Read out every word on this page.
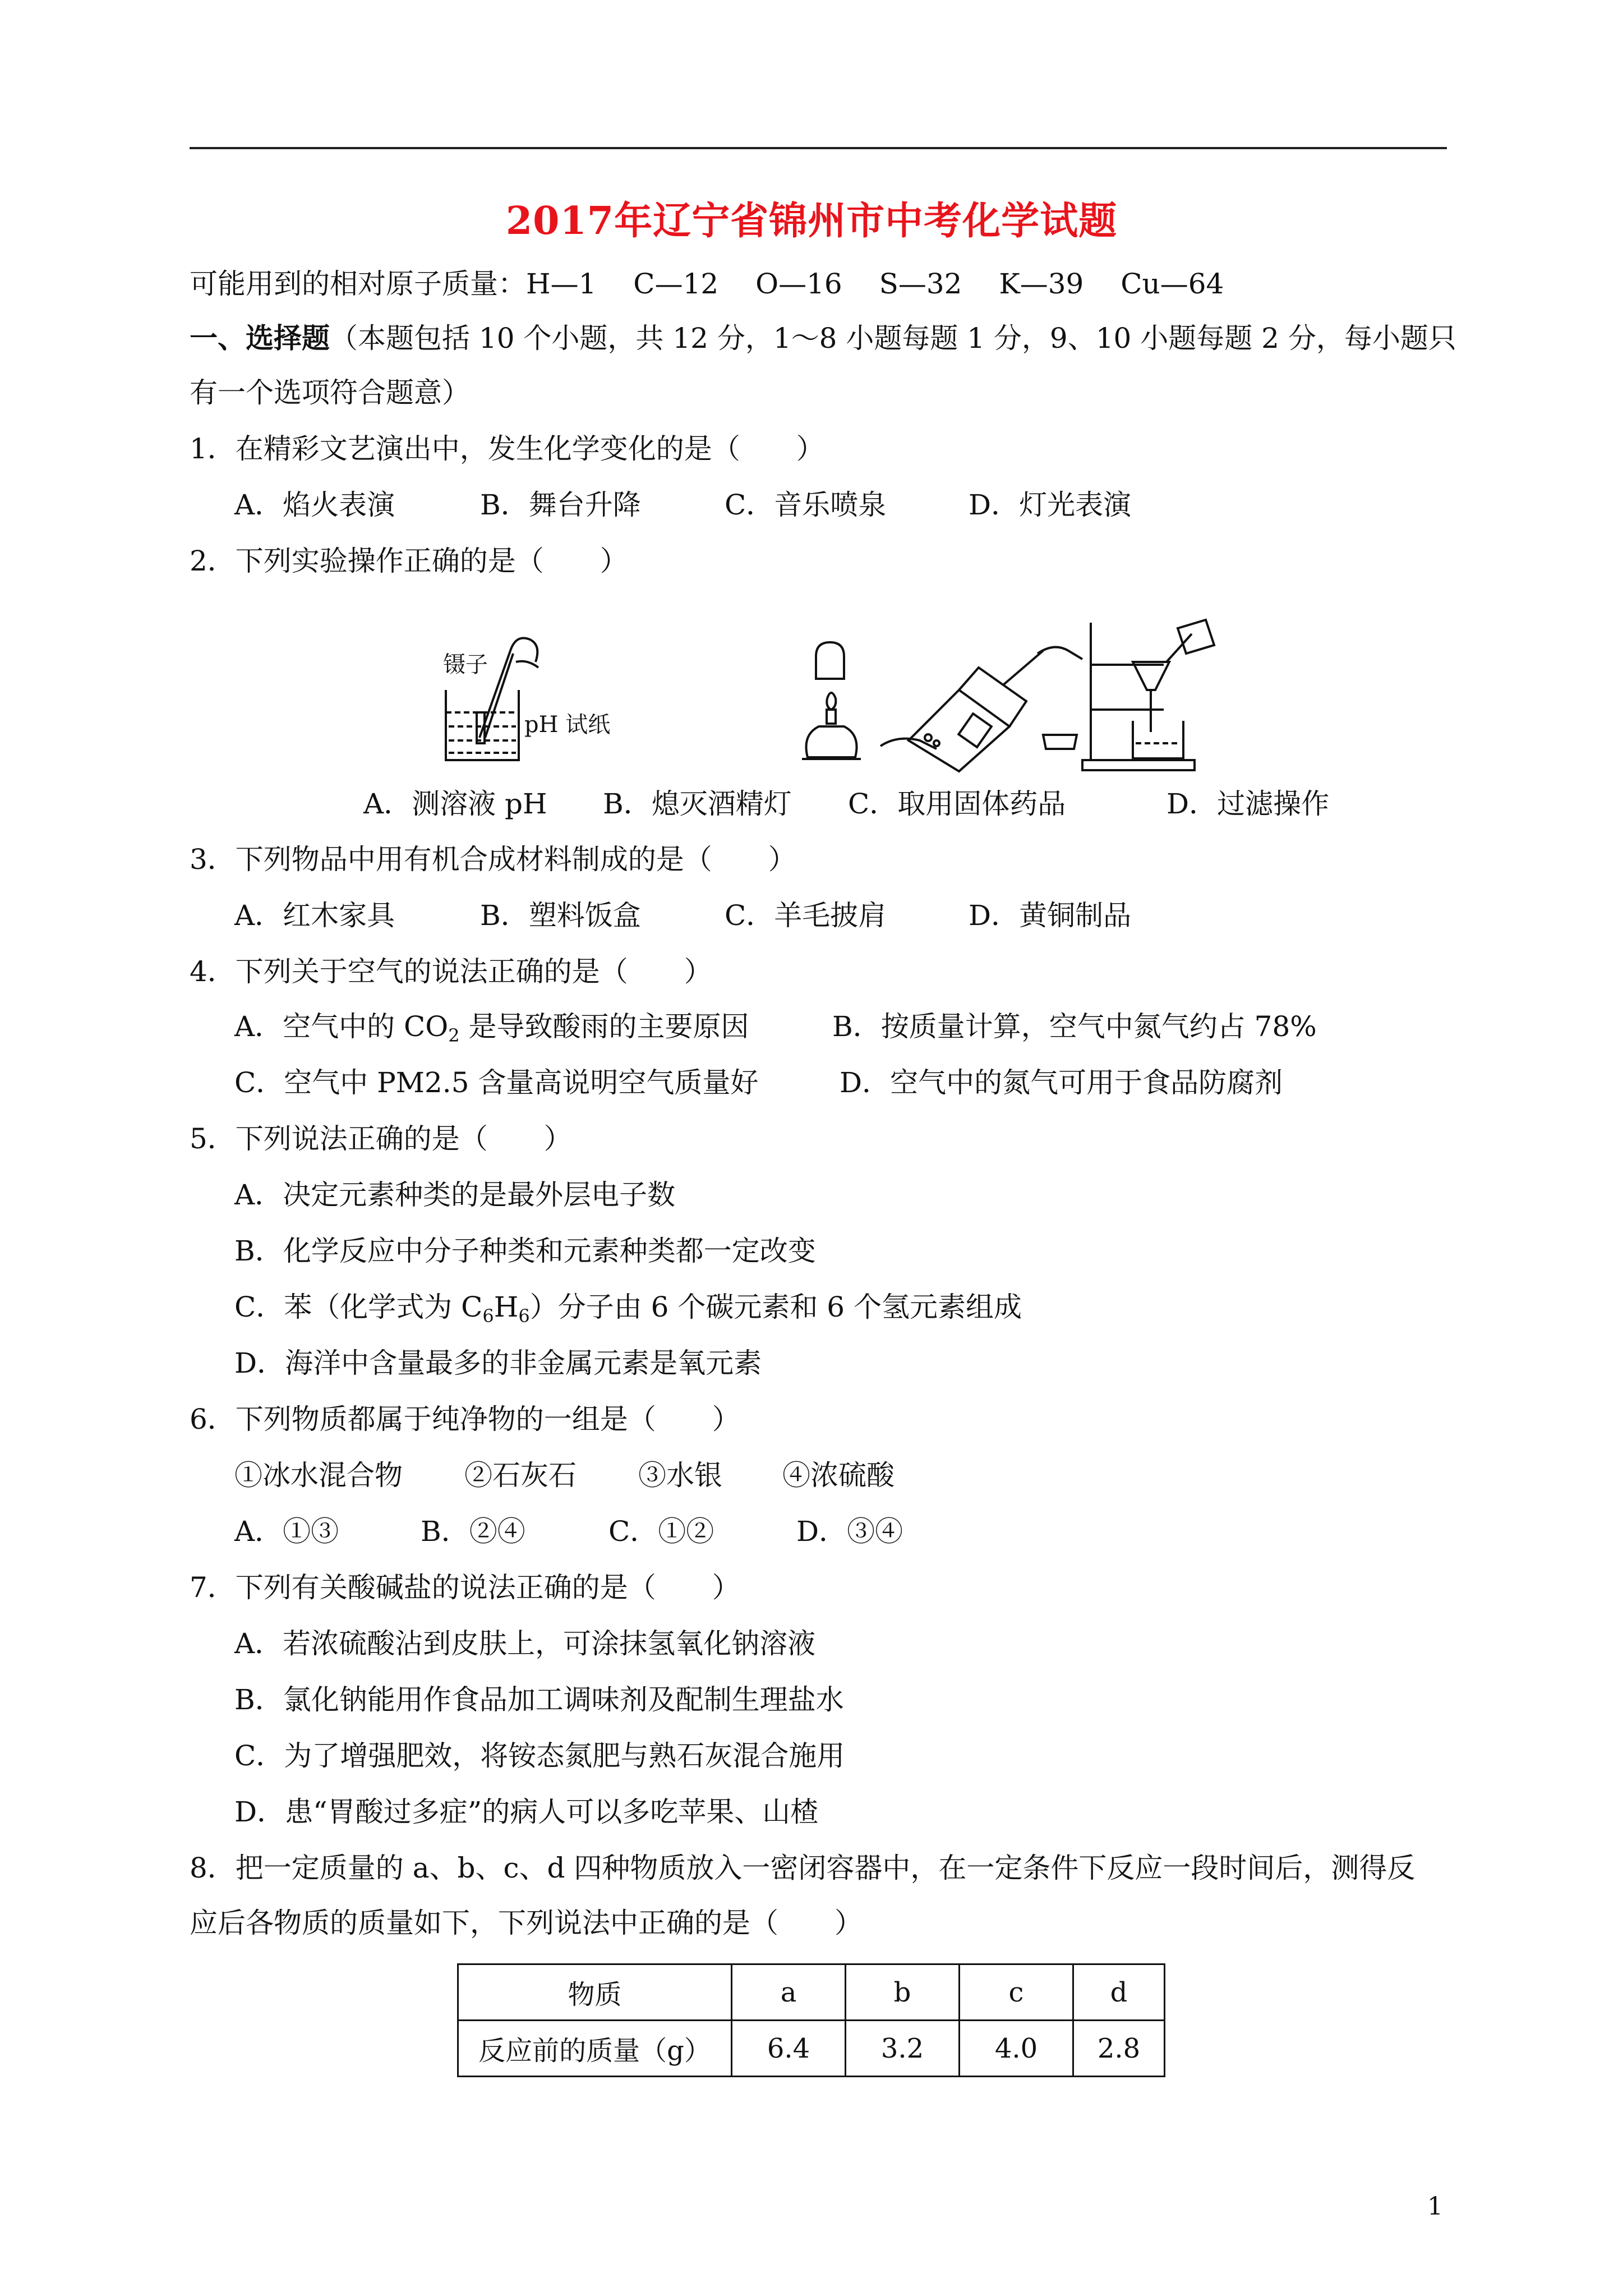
2017年辽宁省锦州市中考化学试题
可能用到的相对原子质量：H—1　 C—12　 O—16　 S—32　 K—39　 Cu—64
一、选择题（本题包括 10 个小题，共 12 分，1～8 小题每题 1 分，9、10 小题每题 2 分，每小题只
有一个选项符合题意）
1．在精彩文艺演出中，发生化学变化的是（　　）
A．焰火表演	B．舞台升降	C．音乐喷泉	D．灯光表演
2．下列实验操作正确的是（　　）
镊子
pH 试纸
A．测溶液 pH B．熄灭酒精灯 C．取用固体药品	D．过滤操作
3．下列物品中用有机合成材料制成的是（　　）
A．红木家具	B．塑料饭盒	C．羊毛披肩	D．黄铜制品
4．下列关于空气的说法正确的是（　　）
A．空气中的 $CO_2$ 是导致酸雨的主要原因	B．按质量计算，空气中氮气约占 78%
C．空气中 PM2.5 含量高说明空气质量好	D．空气中的氮气可用于食品防腐剂
5．下列说法正确的是（　　）
A．决定元素种类的是最外层电子数
B．化学反应中分子种类和元素种类都一定改变
C．苯（化学式为 $C_6H_6$）分子由 6 个碳元素和 6 个氢元素组成
D．海洋中含量最多的非金属元素是氧元素
6．下列物质都属于纯净物的一组是（　　）
①冰水混合物 ②石灰石 ③水银 ④浓硫酸
A．①③	B．②④	C．①②	D．③④
7．下列有关酸碱盐的说法正确的是（　　）
A．若浓硫酸沾到皮肤上，可涂抹氢氧化钠溶液
B．氯化钠能用作食品加工调味剂及配制生理盐水
C．为了增强肥效，将铵态氮肥与熟石灰混合施用
D．患“胃酸过多症”的病人可以多吃苹果、山楂
8．把一定质量的 a、b、c、d 四种物质放入一密闭容器中，在一定条件下反应一段时间后，测得反
应后各物质的质量如下，下列说法中正确的是（　　）
物质	a	b	c	d
反应前的质量（g）	6.4	3.2	4.0	2.8
1
